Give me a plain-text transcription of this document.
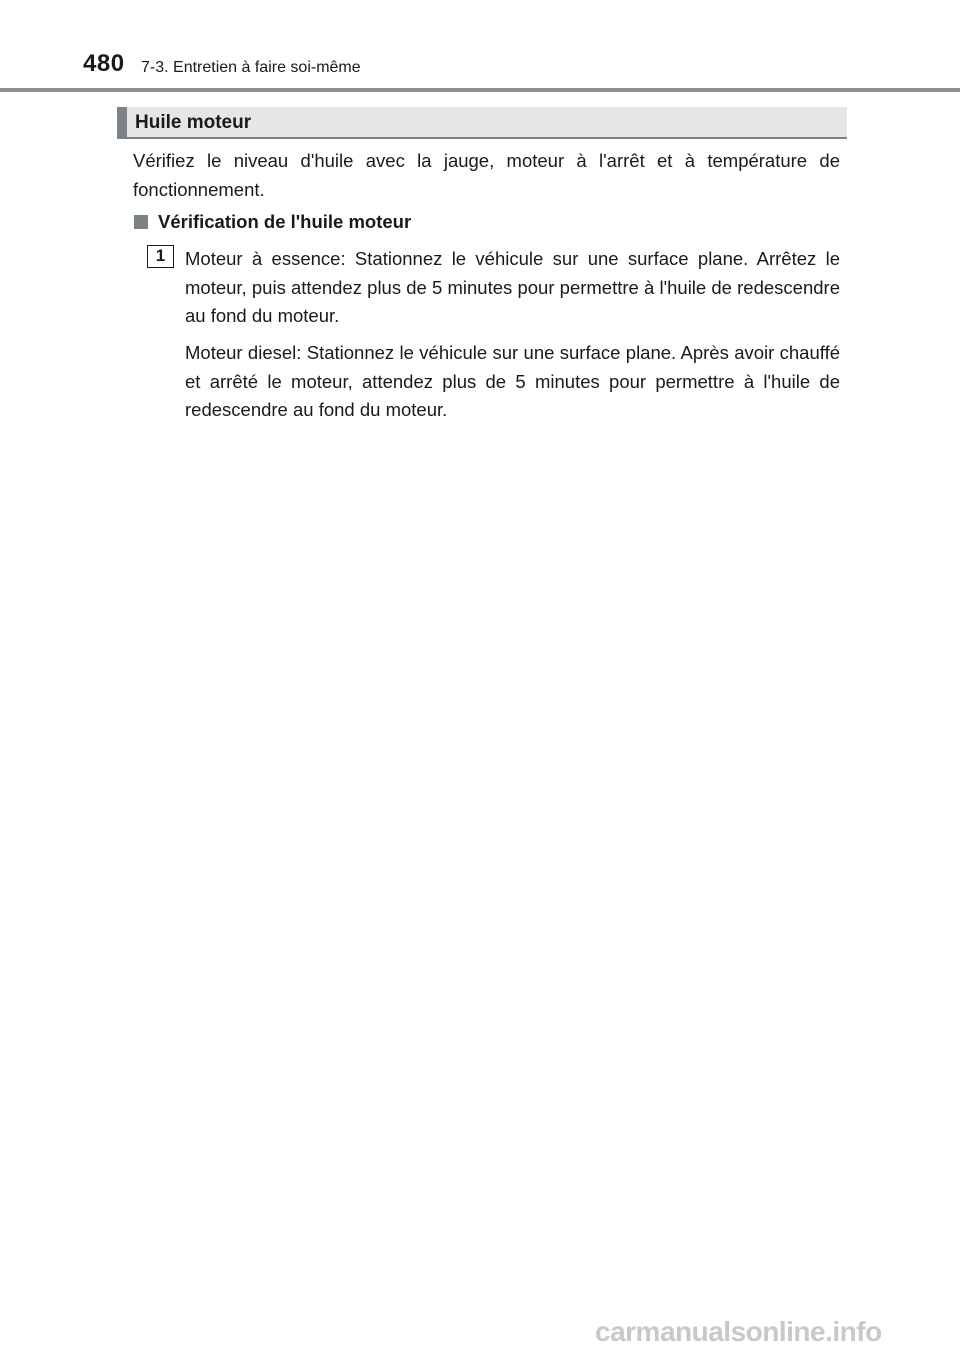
480 7-3. Entretien à faire soi-même
Huile moteur
Vérifiez le niveau d'huile avec la jauge, moteur à l'arrêt et à température de fonctionnement.
Vérification de l'huile moteur
1	Moteur à essence: Stationnez le véhicule sur une surface plane. Arrêtez le moteur, puis attendez plus de 5 minutes pour permettre à l'huile de redescendre au fond du moteur.
Moteur diesel: Stationnez le véhicule sur une surface plane. Après avoir chauffé et arrêté le moteur, attendez plus de 5 minutes pour permettre à l'huile de redescendre au fond du moteur.
carmanualsonline.info
